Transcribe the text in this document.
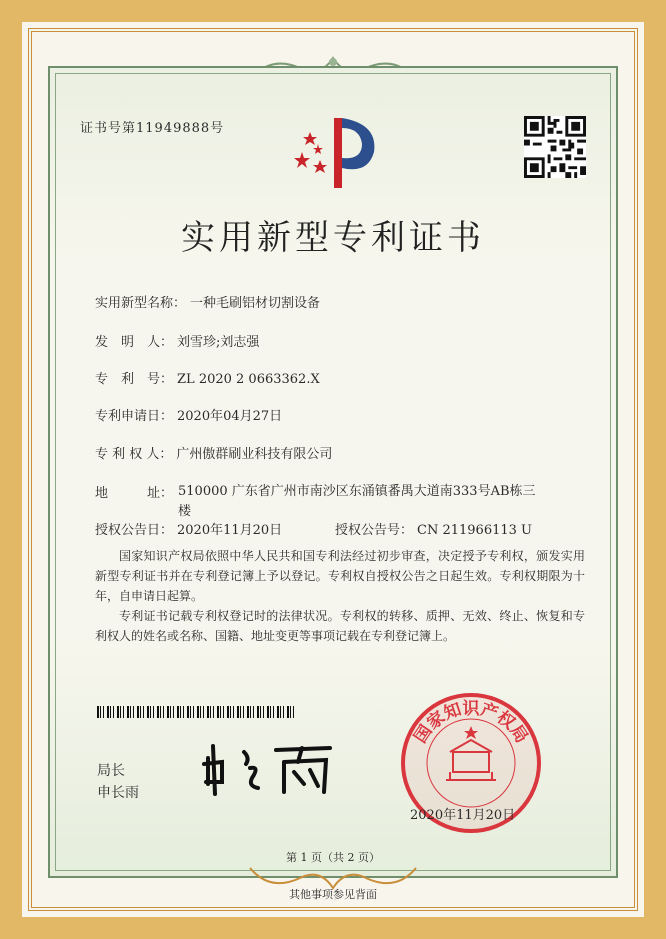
证书号第11949888号
实用新型专利证书
实用新型名称： 一种毛刷铝材切割设备
发　明　人： 刘雪珍;刘志强
专　利　号： ZL 2020 2 0663362.X
专利申请日： 2020年04月27日
专 利 权 人： 广州傲群刷业科技有限公司
地　　　址： 510000 广东省广州市南沙区东涌镇番禺大道南333号AB栋三楼
授权公告日： 2020年11月20日	授权公告号： CN 211966113 U
国家知识产权局依照中华人民共和国专利法经过初步审查，决定授予专利权，颁发实用新型专利证书并在专利登记簿上予以登记。专利权自授权公告之日起生效。专利权期限为十年，自申请日起算。
专利证书记载专利权登记时的法律状况。专利权的转移、质押、无效、终止、恢复和专利权人的姓名或名称、国籍、地址变更等事项记载在专利登记簿上。
局长
申长雨
国家知识产权局
2020年11月20日
第 1 页（共 2 页）
其他事项参见背面
